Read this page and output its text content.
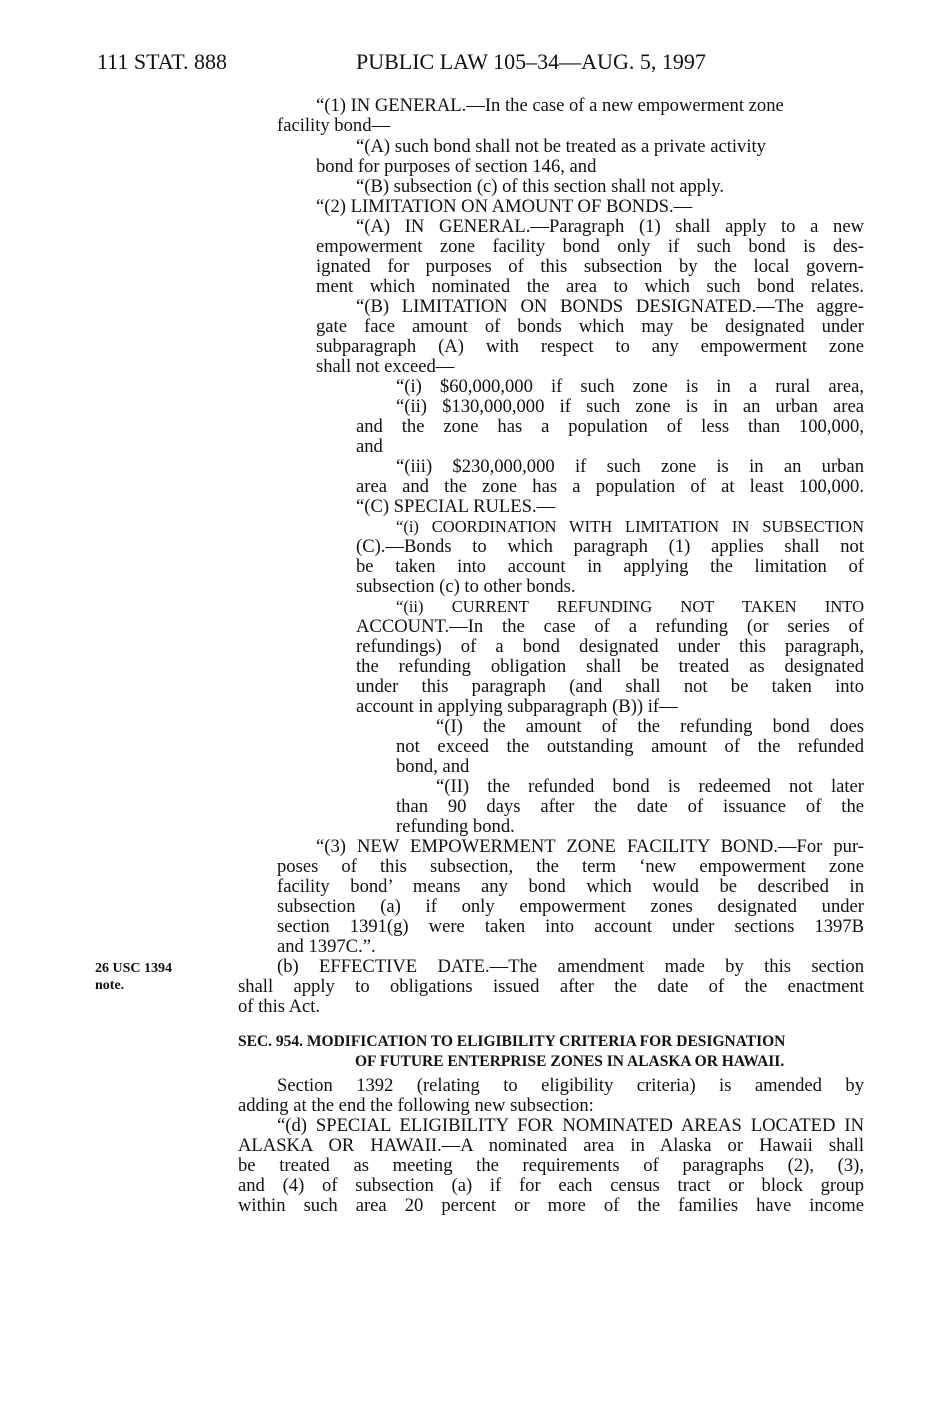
111 STAT. 888	PUBLIC LAW 105–34—AUG. 5, 1997
“(1) IN GENERAL.—In the case of a new empowerment zone
facility bond—
“(A) such bond shall not be treated as a private activity
bond for purposes of section 146, and
“(B) subsection (c) of this section shall not apply.
“(2) LIMITATION ON AMOUNT OF BONDS.—
“(A) IN GENERAL.—Paragraph (1) shall apply to a new
empowerment zone facility bond only if such bond is des-
ignated for purposes of this subsection by the local govern-
ment which nominated the area to which such bond relates.
“(B) LIMITATION ON BONDS DESIGNATED.—The aggre-
gate face amount of bonds which may be designated under
subparagraph (A) with respect to any empowerment zone
shall not exceed—
“(i) $60,000,000 if such zone is in a rural area,
“(ii) $130,000,000 if such zone is in an urban area
and the zone has a population of less than 100,000,
and
“(iii) $230,000,000 if such zone is in an urban
area and the zone has a population of at least 100,000.
“(C) SPECIAL RULES.—
“(i) COORDINATION WITH LIMITATION IN SUBSECTION
(C).—Bonds to which paragraph (1) applies shall not
be taken into account in applying the limitation of
subsection (c) to other bonds.
“(ii) CURRENT REFUNDING NOT TAKEN INTO
ACCOUNT.—In the case of a refunding (or series of
refundings) of a bond designated under this paragraph,
the refunding obligation shall be treated as designated
under this paragraph (and shall not be taken into
account in applying subparagraph (B)) if—
“(I) the amount of the refunding bond does
not exceed the outstanding amount of the refunded
bond, and
“(II) the refunded bond is redeemed not later
than 90 days after the date of issuance of the
refunding bond.
“(3) NEW EMPOWERMENT ZONE FACILITY BOND.—For pur-
poses of this subsection, the term ‘new empowerment zone
facility bond’ means any bond which would be described in
subsection (a) if only empowerment zones designated under
section 1391(g) were taken into account under sections 1397B
and 1397C.”.
26 USC 1394
note.
(b) EFFECTIVE DATE.—The amendment made by this section
shall apply to obligations issued after the date of the enactment
of this Act.
SEC. 954. MODIFICATION TO ELIGIBILITY CRITERIA FOR DESIGNATION
OF FUTURE ENTERPRISE ZONES IN ALASKA OR HAWAII.
Section 1392 (relating to eligibility criteria) is amended by
adding at the end the following new subsection:
“(d) SPECIAL ELIGIBILITY FOR NOMINATED AREAS LOCATED IN
ALASKA OR HAWAII.—A nominated area in Alaska or Hawaii shall
be treated as meeting the requirements of paragraphs (2), (3),
and (4) of subsection (a) if for each census tract or block group
within such area 20 percent or more of the families have income
